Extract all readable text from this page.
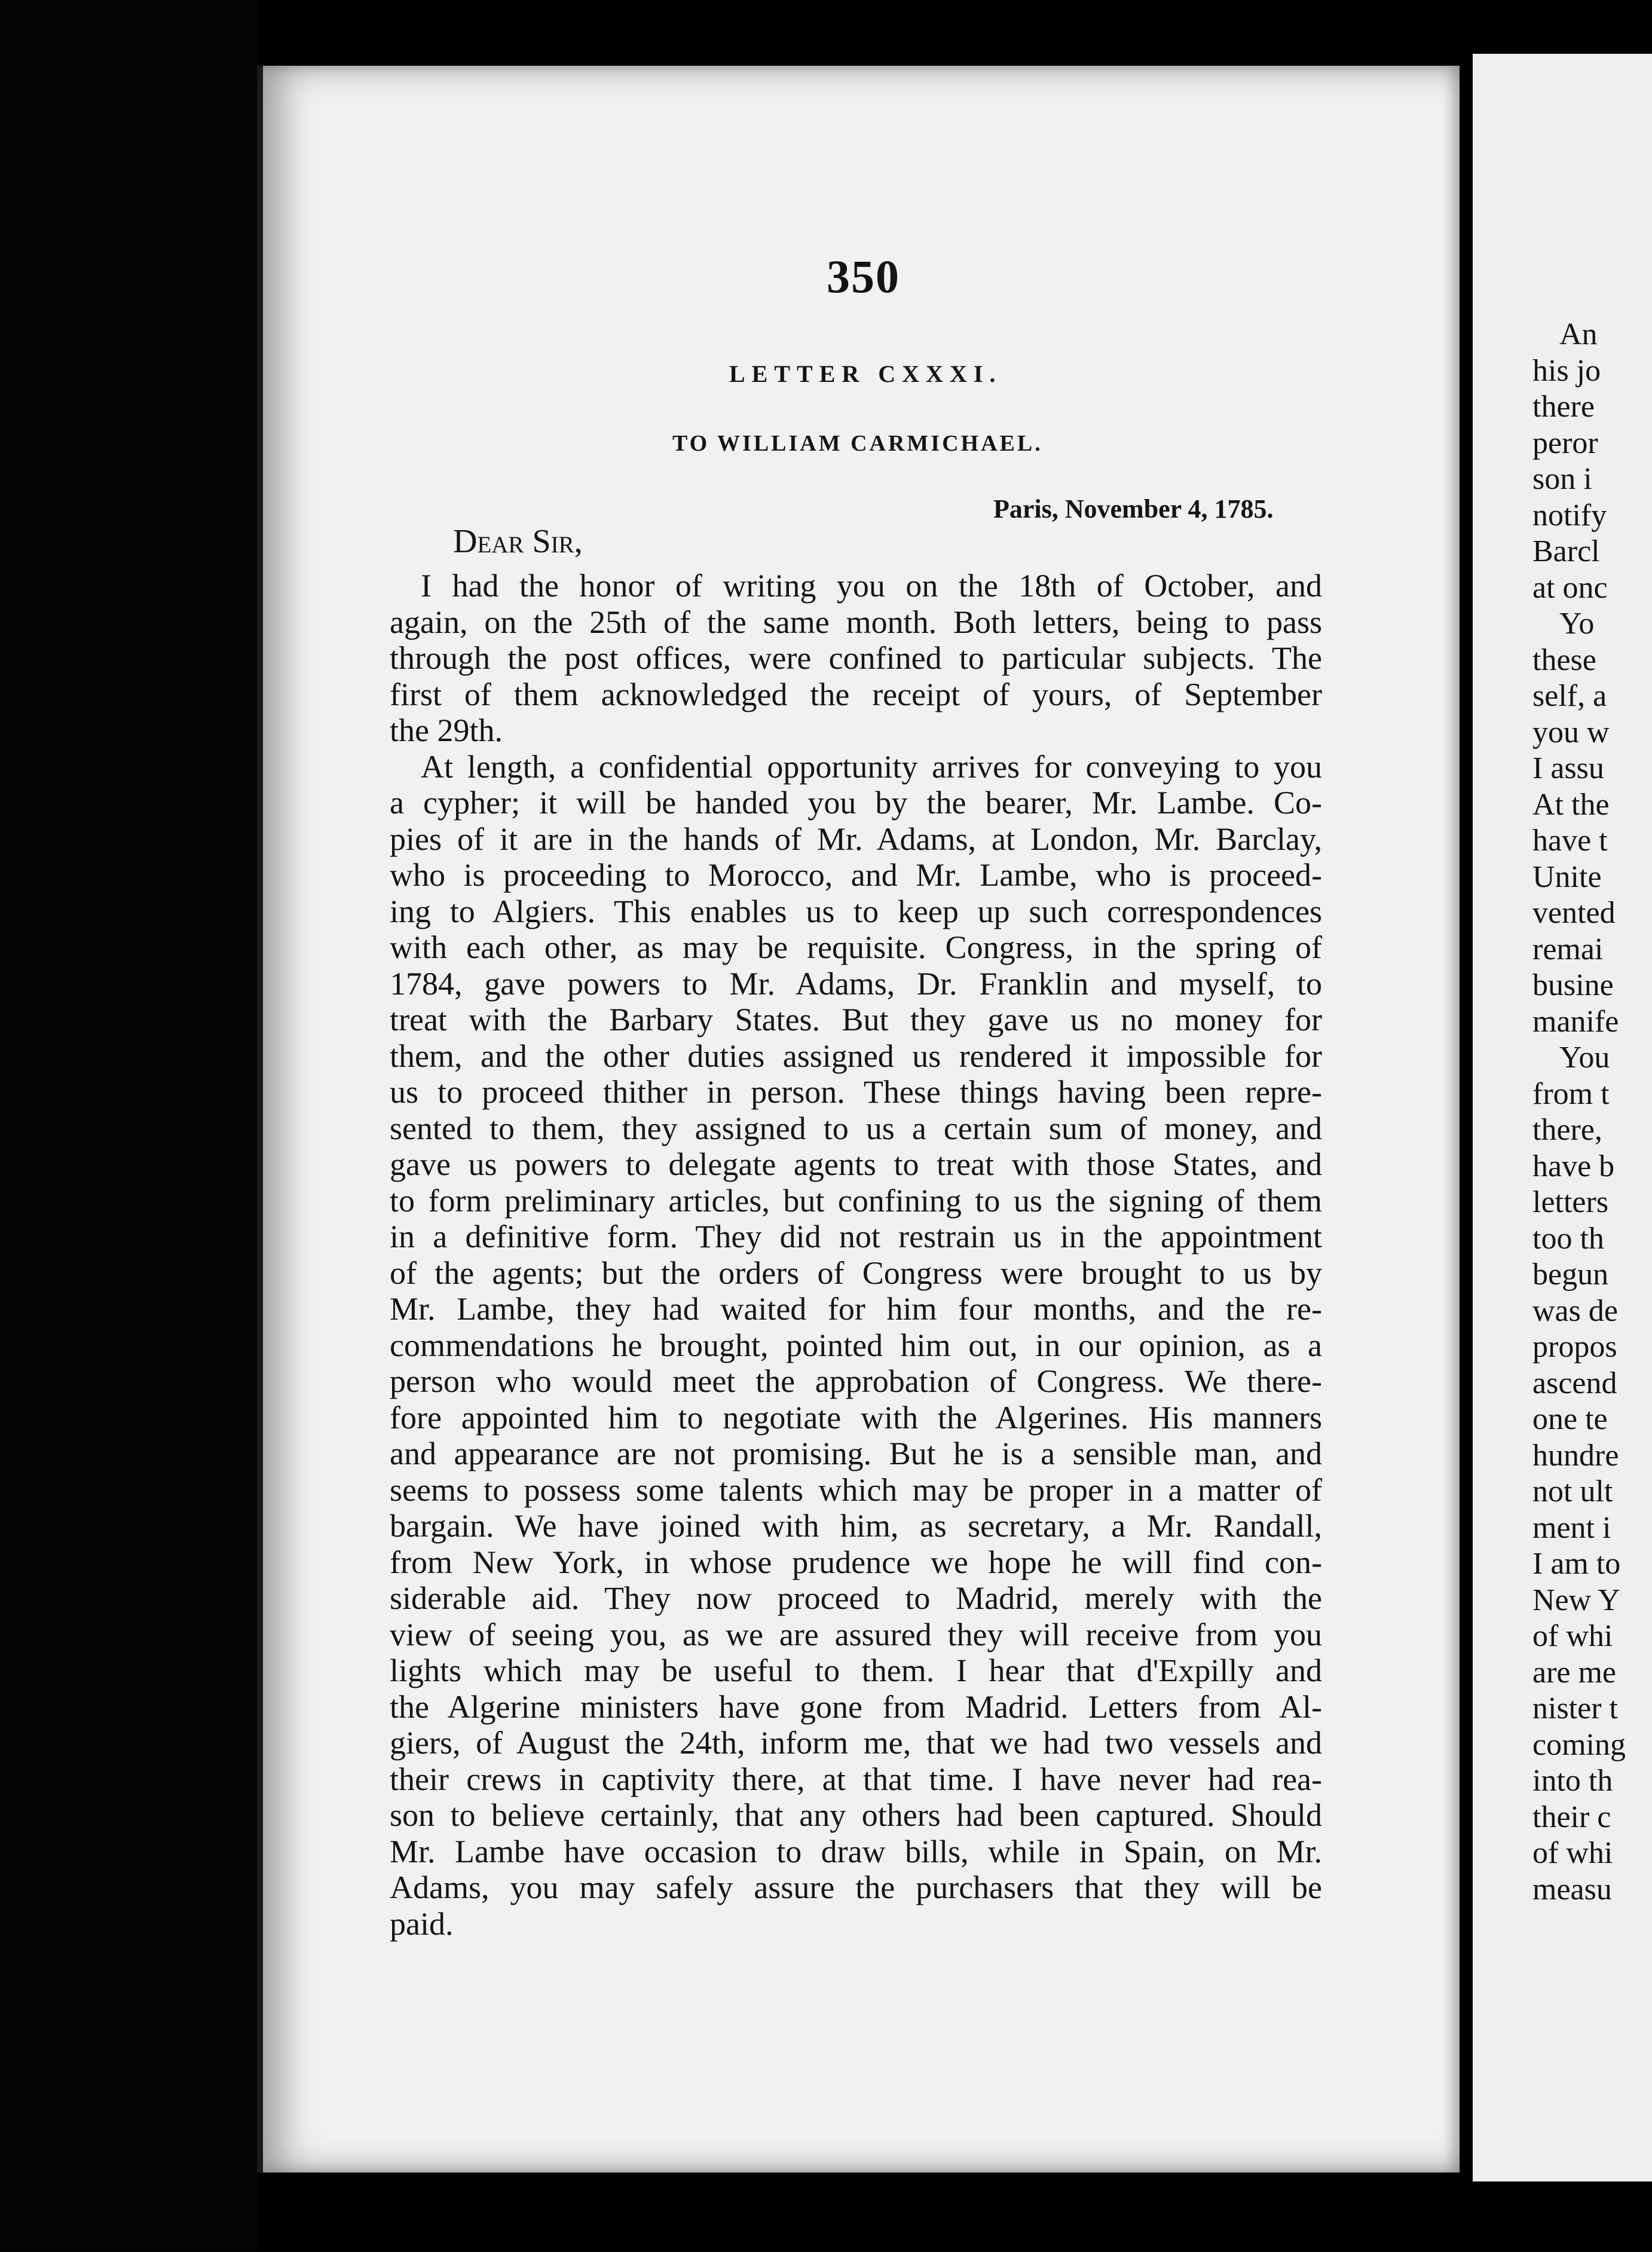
350
LETTER CXXXI.
TO WILLIAM CARMICHAEL.
Paris, November 4, 1785.
Dear Sir,
I had the honor of writing you on the 18th of October, and
again, on the 25th of the same month. Both letters, being to pass
through the post offices, were confined to particular subjects. The
first of them acknowledged the receipt of yours, of September
the 29th.
At length, a confidential opportunity arrives for conveying to you
a cypher; it will be handed you by the bearer, Mr. Lambe. Co-
pies of it are in the hands of Mr. Adams, at London, Mr. Barclay,
who is proceeding to Morocco, and Mr. Lambe, who is proceed-
ing to Algiers. This enables us to keep up such correspondences
with each other, as may be requisite. Congress, in the spring of
1784, gave powers to Mr. Adams, Dr. Franklin and myself, to
treat with the Barbary States. But they gave us no money for
them, and the other duties assigned us rendered it impossible for
us to proceed thither in person. These things having been repre-
sented to them, they assigned to us a certain sum of money, and
gave us powers to delegate agents to treat with those States, and
to form preliminary articles, but confining to us the signing of them
in a definitive form. They did not restrain us in the appointment
of the agents; but the orders of Congress were brought to us by
Mr. Lambe, they had waited for him four months, and the re-
commendations he brought, pointed him out, in our opinion, as a
person who would meet the approbation of Congress. We there-
fore appointed him to negotiate with the Algerines. His manners
and appearance are not promising. But he is a sensible man, and
seems to possess some talents which may be proper in a matter of
bargain. We have joined with him, as secretary, a Mr. Randall,
from New York, in whose prudence we hope he will find con-
siderable aid. They now proceed to Madrid, merely with the
view of seeing you, as we are assured they will receive from you
lights which may be useful to them. I hear that d'Expilly and
the Algerine ministers have gone from Madrid. Letters from Al-
giers, of August the 24th, inform me, that we had two vessels and
their crews in captivity there, at that time. I have never had rea-
son to believe certainly, that any others had been captured. Should
Mr. Lambe have occasion to draw bills, while in Spain, on Mr.
Adams, you may safely assure the purchasers that they will be
paid.
An
his jo
there
peror
son i
notify
Barcl
at onc
Yo
these
self, a
you w
I assu
At the
have t
Unite
vented
remai
busine
manife
You
from t
there,
have b
letters
too th
begun
was de
propos
ascend
one te
hundre
not ult
ment i
I am to
New Y
of whi
are me
nister t
coming
into th
their c
of whi
measu
